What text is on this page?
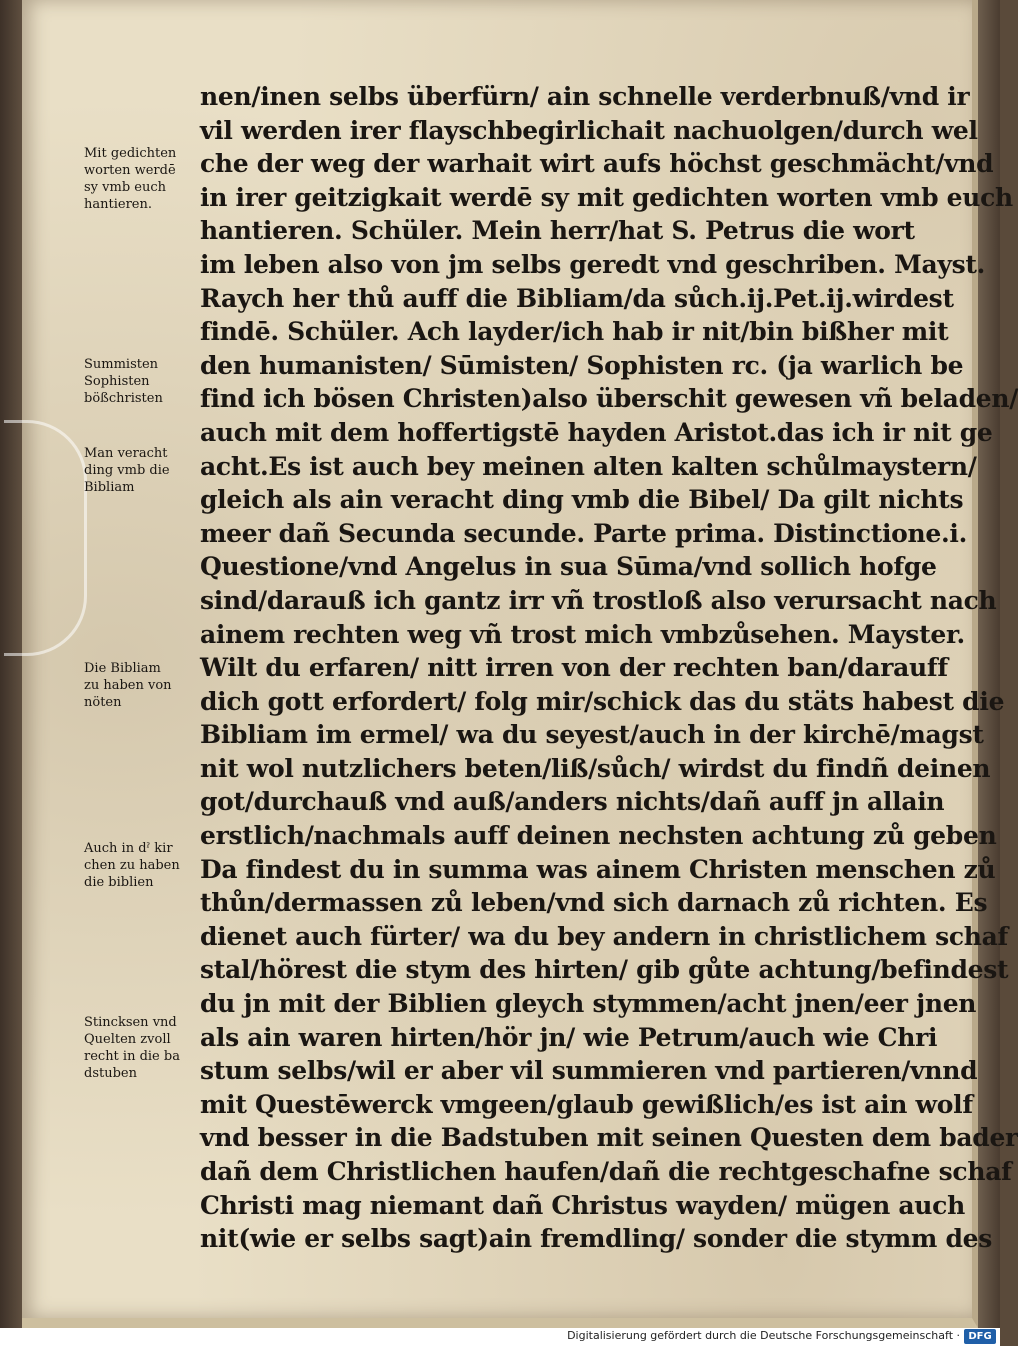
nen/inen selbs überfürn/ ain schnelle verderbnuß/vnd ir
vil werden irer flayschbegirlichait nachuolgen/durch wel
che der weg der warhait wirt aufs höchst geschmächt/vnd
in irer geitzigkait werdē sy mit gedichten worten vmb euch
hantieren. Schüler. Mein herr/hat S. Petrus die wort
im leben also von jm selbs geredt vnd geschriben. Mayst.
Raych her thů auff die Bibliam/da sůch.ij.Pet.ij.wirdest
findē. Schüler. Ach layder/ich hab ir nit/bin bißher mit
den humanisten/ Sūmisten/ Sophisten rc. (ja warlich be
find ich bösen Christen)also überschit gewesen vñ beladen/
auch mit dem hoffertigstē hayden Aristot.das ich ir nit ge
acht.Es ist auch bey meinen alten kalten schůlmaystern/
gleich als ain veracht ding vmb die Bibel/ Da gilt nichts
meer dañ Secunda secunde. Parte prima. Distinctione.i.
Questione/vnd Angelus in sua Sūma/vnd sollich hofge
sind/darauß ich gantz irr vñ trostloß also verursacht nach
ainem rechten weg vñ trost mich vmbzůsehen. Mayster.
Wilt du erfaren/ nitt irren von der rechten ban/darauff
dich gott erfordert/ folg mir/schick das du stäts habest die
Bibliam im ermel/ wa du seyest/auch in der kirchē/magst
nit wol nutzlichers beten/liß/sůch/ wirdst du findñ deinen
got/durchauß vnd auß/anders nichts/dañ auff jn allain
erstlich/nachmals auff deinen nechsten achtung zů geben
Da findest du in summa was ainem Christen menschen zů
thůn/dermassen zů leben/vnd sich darnach zů richten. Es
dienet auch fürter/ wa du bey andern in christlichem schaf
stal/hörest die stym des hirten/ gib gůte achtung/befindest
du jn mit der Biblien gleych stymmen/acht jnen/eer jnen
als ain waren hirten/hör jn/ wie Petrum/auch wie Chri
stum selbs/wil er aber vil summieren vnd partieren/vnnd
mit Questēwerck vmgeen/glaub gewißlich/es ist ain wolf
vnd besser in die Badstuben mit seinen Questen dem bader
dañ dem Christlichen haufen/dañ die rechtgeschafne schaf
Christi mag niemant dañ Christus wayden/ mügen auch
nit(wie er selbs sagt)ain fremdling/ sonder die stymm des
Mit gedichten
worten werdē
sy vmb euch
hantieren.
Summisten
Sophisten
bößchristen
Man veracht
ding vmb die
Bibliam
Die Bibliam
zu haben von
nöten
Auch in dˀ kir
chen zu haben
die biblien
Stincksen vnd
Quelten zvoll
recht in die ba
dstuben
Digitalisierung gefördert durch die Deutsche Forschungsgemeinschaft · DFG
